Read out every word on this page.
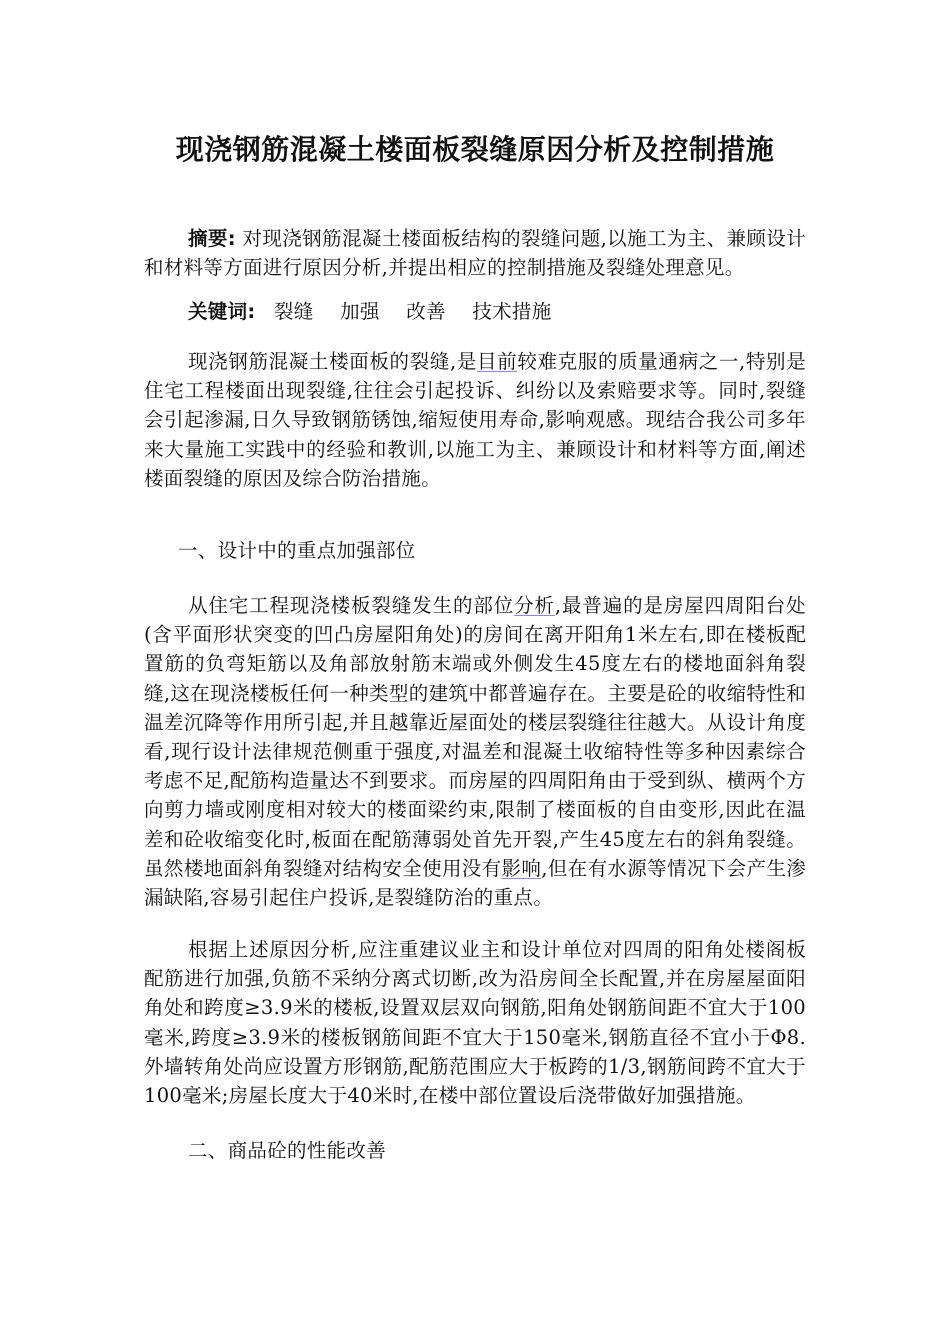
现浇钢筋混凝土楼面板裂缝原因分析及控制措施
摘要: 对现浇钢筋混凝土楼面板结构的裂缝问题,以施工为主、兼顾设计和材料等方面进行原因分析,并提出相应的控制措施及裂缝处理意见。
关键词: 裂缝 加强 改善 技术措施
现浇钢筋混凝土楼面板的裂缝,是目前较难克服的质量通病之一,特别是住宅工程楼面出现裂缝,往往会引起投诉、纠纷以及索赔要求等。同时,裂缝会引起渗漏,日久导致钢筋锈蚀,缩短使用寿命,影响观感。现结合我公司多年来大量施工实践中的经验和教训,以施工为主、兼顾设计和材料等方面,阐述楼面裂缝的原因及综合防治措施。
一、设计中的重点加强部位
从住宅工程现浇楼板裂缝发生的部位分析,最普遍的是房屋四周阳台处(含平面形状突变的凹凸房屋阳角处)的房间在离开阳角1米左右,即在楼板配置筋的负弯矩筋以及角部放射筋末端或外侧发生45度左右的楼地面斜角裂缝,这在现浇楼板任何一种类型的建筑中都普遍存在。主要是砼的收缩特性和温差沉降等作用所引起,并且越靠近屋面处的楼层裂缝往往越大。从设计角度看,现行设计法律规范侧重于强度,对温差和混凝土收缩特性等多种因素综合考虑不足,配筋构造量达不到要求。而房屋的四周阳角由于受到纵、横两个方向剪力墙或刚度相对较大的楼面梁约束,限制了楼面板的自由变形,因此在温差和砼收缩变化时,板面在配筋薄弱处首先开裂,产生45度左右的斜角裂缝。虽然楼地面斜角裂缝对结构安全使用没有影响,但在有水源等情况下会产生渗漏缺陷,容易引起住户投诉,是裂缝防治的重点。
根据上述原因分析,应注重建议业主和设计单位对四周的阳角处楼阁板配筋进行加强,负筋不采纳分离式切断,改为沿房间全长配置,并在房屋屋面阳角处和跨度≥3.9米的楼板,设置双层双向钢筋,阳角处钢筋间距不宜大于100毫米,跨度≥3.9米的楼板钢筋间距不宜大于150毫米,钢筋直径不宜小于Φ8.外墙转角处尚应设置方形钢筋,配筋范围应大于板跨的1/3,钢筋间跨不宜大于100毫米;房屋长度大于40米时,在楼中部位置设后浇带做好加强措施。
二、商品砼的性能改善
